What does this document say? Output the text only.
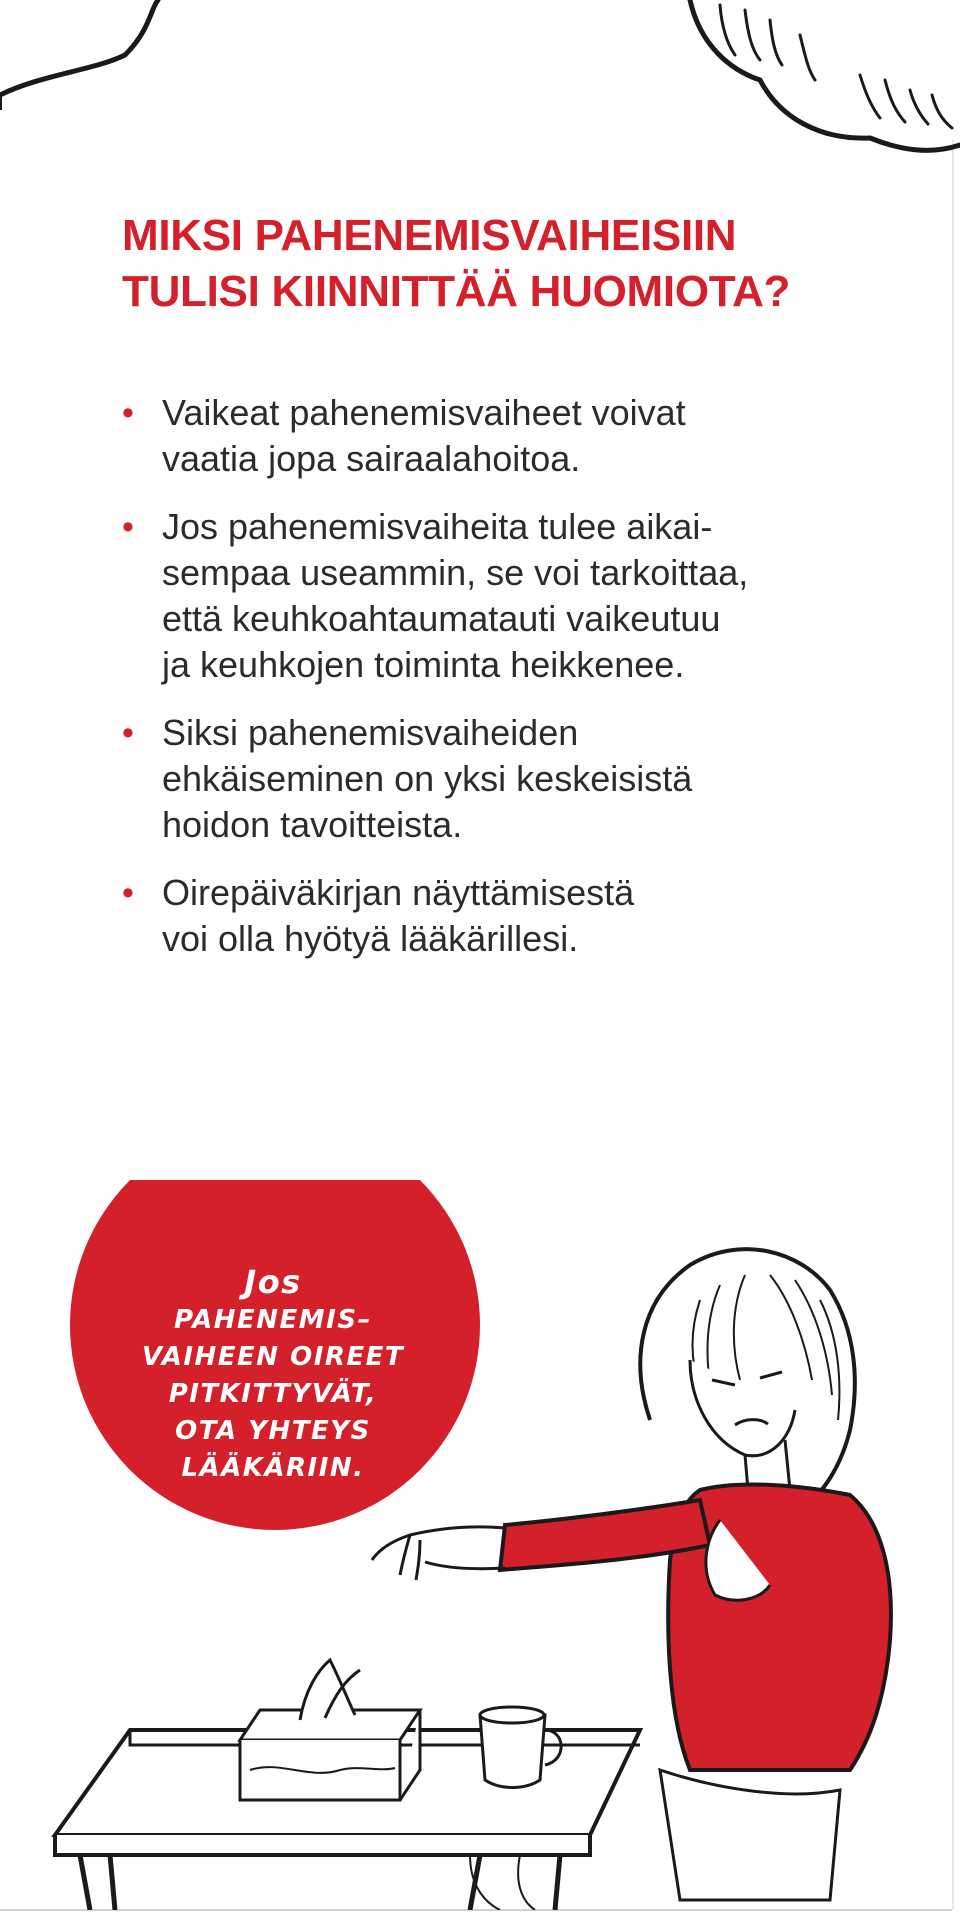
MIKSI PAHENEMISVAIHEISIIN
TULISI KIINNITTÄÄ HUOMIOTA?
• Vaikeat pahenemisvaiheet voivat
vaatia jopa sairaalahoitoa.
• Jos pahenemisvaiheita tulee aikai-
sempaa useammin, se voi tarkoittaa,
että keuhkoahtaumatauti vaikeutuu
ja keuhkojen toiminta heikkenee.
• Siksi pahenemisvaiheiden
ehkäiseminen on yksi keskeisistä
hoidon tavoitteista.
• Oirepäiväkirjan näyttämisestä
voi olla hyötyä lääkärillesi.
Jos
PAHENEMIS–
VAIHEEN OIREET
PITKITTYVÄT,
OTA YHTEYS
LÄÄKÄRIIN.
